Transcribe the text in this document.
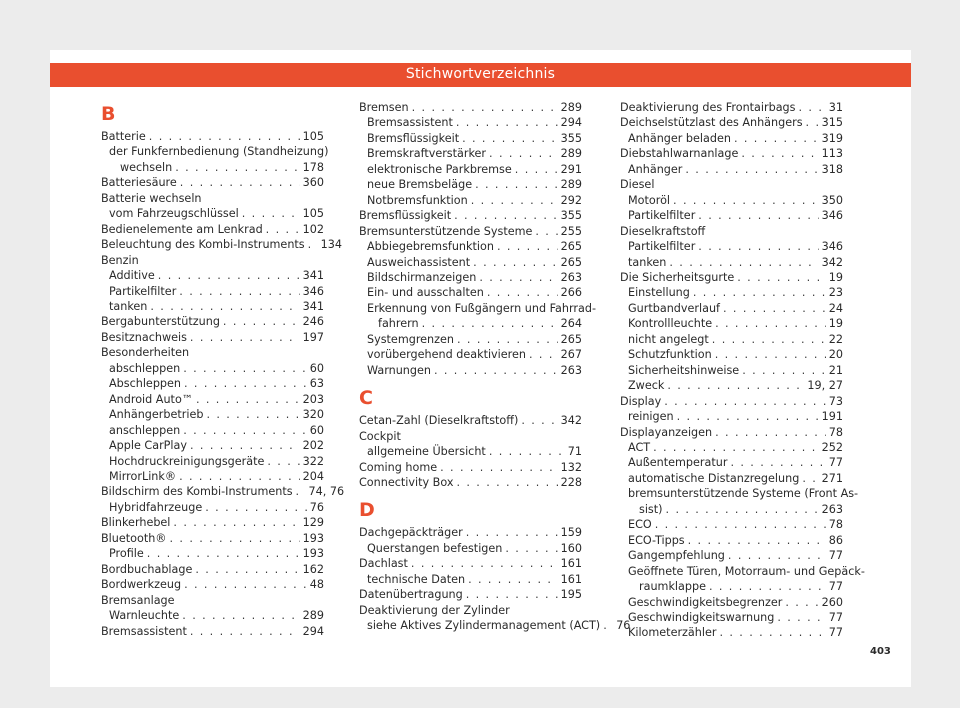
Stichwortverzeichnis
B
Batterie . . .	105
der Funkfernbedienung (Standheizung)
wechseln . . .	178
Batteriesäure . . .	360
Batterie wechseln
vom Fahrzeugschlüssel . . .	105
Bedienelemente am Lenkrad . . .	102
Beleuchtung des Kombi-Instruments . . . 134
Benzin
Additive . . .	341
Partikelfilter . . .	346
tanken . . .	341
Bergabunterstützung . . .	246
Besitznachweis . . .	197
Besonderheiten
abschleppen . . .	60
Abschleppen . . .	63
Android Auto™ . . .	203
Anhängerbetrieb . . .	320
anschleppen . . .	60
Apple CarPlay . . .	202
Hochdruckreinigungsgeräte . . .	322
MirrorLink® . . .	204
Bildschirm des Kombi-Instruments . . . 74, 76
Hybridfahrzeuge . . .	76
Blinkerhebel . . .	129
Bluetooth® . . .	193
Profile . . .	193
Bordbuchablage . . .	162
Bordwerkzeug . . .	48
Bremsanlage
Warnleuchte . . .	289
Bremsassistent . . .	294
Bremsen . . .	289
Bremsassistent . . .	294
Bremsflüssigkeit . . .	355
Bremskraftverstärker . . .	289
elektronische Parkbremse . . .	291
neue Bremsbeläge . . .	289
Notbremsfunktion . . .	292
Bremsflüssigkeit . . .	355
Bremsunterstützende Systeme . . .	255
Abbiegebremsfunktion . . .	265
Ausweichassistent . . .	265
Bildschirmanzeigen . . .	263
Ein- und ausschalten . . .	266
Erkennung von Fußgängern und Fahrrad-
fahrern . . .	264
Systemgrenzen . . .	265
vorübergehend deaktivieren . . .	267
Warnungen . . .	263
C
Cetan-Zahl (Dieselkraftstoff) . . .	342
Cockpit
allgemeine Übersicht . . .	71
Coming home . . .	132
Connectivity Box . . .	228
D
Dachgepäckträger . . .	159
Querstangen befestigen . . .	160
Dachlast . . .	161
technische Daten . . .	161
Datenübertragung . . .	195
Deaktivierung der Zylinder
siehe Aktives Zylindermanagement (ACT) . . . 76
Deaktivierung des Frontairbags . . .	31
Deichselstützlast des Anhängers . . . 315
Anhänger beladen . . .	319
Diebstahlwarnanlage . . .	113
Anhänger . . .	318
Diesel
Motoröl . . .	350
Partikelfilter . . .	346
Dieselkraftstoff
Partikelfilter . . .	346
tanken . . .	342
Die Sicherheitsgurte . . .	19
Einstellung . . .	23
Gurtbandverlauf . . .	24
Kontrollleuchte . . .	19
nicht angelegt . . .	22
Schutzfunktion . . .	20
Sicherheitshinweise . . .	21
Zweck . . .	19, 27
Display . . .	73
reinigen . . .	191
Displayanzeigen . . .	78
ACT . . .	252
Außentemperatur . . .	77
automatische Distanzregelung . . . 271
bremsunterstützende Systeme (Front As-
sist) . . .	263
ECO . . .	78
ECO-Tipps . . .	86
Gangempfehlung . . .	77
Geöffnete Türen, Motorraum- und Gepäck-
raumklappe . . .	77
Geschwindigkeitsbegrenzer . . .	260
Geschwindigkeitswarnung . . .	77
Kilometerzähler . . .	77
403
